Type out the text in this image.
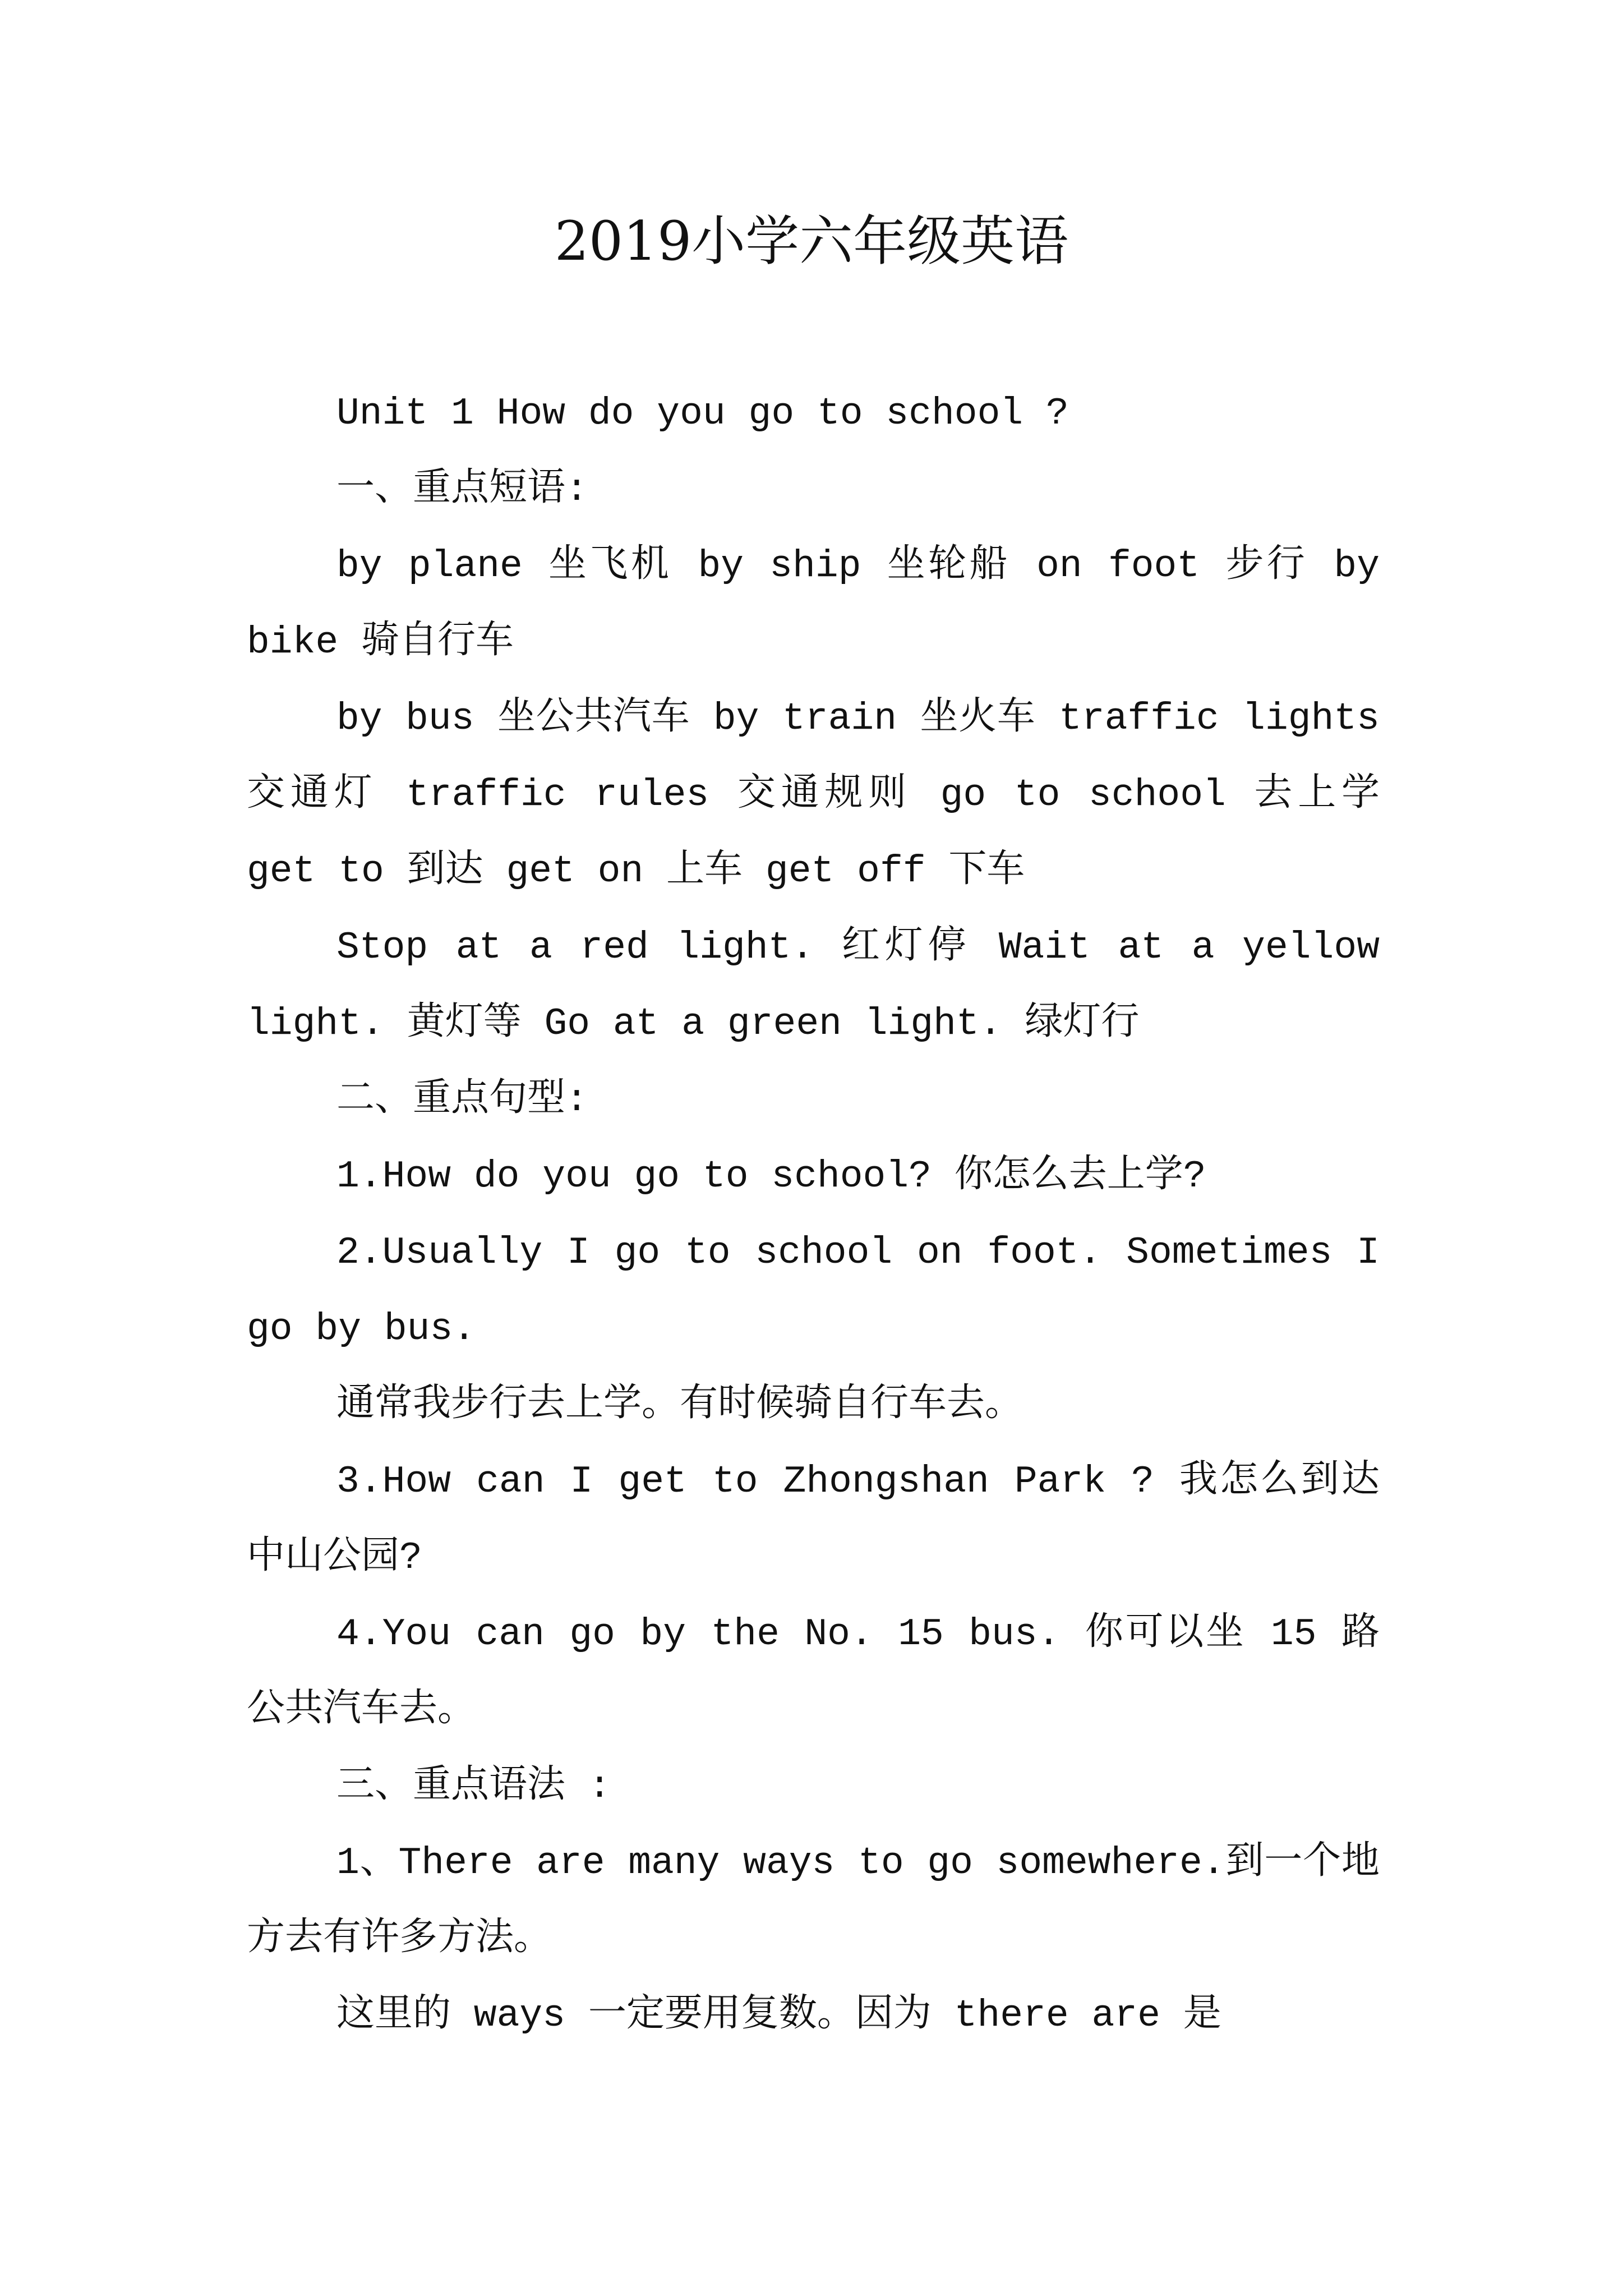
2019小学六年级英语

Unit 1 How do you go to school ?

一、重点短语:

by plane 坐飞机 by ship 坐轮船 on foot 步行 by bike 骑自行车

by bus 坐公共汽车 by train 坐火车 traffic lights 交通灯 traffic rules 交通规则 go to school 去上学 get to 到达 get on 上车 get off 下车

Stop at a red light. 红灯停 Wait at a yellow light. 黄灯等 Go at a green light. 绿灯行

二、重点句型:

1.How do you go to school? 你怎么去上学?

2.Usually I go to school on foot. Sometimes I go by bus.

通常我步行去上学。有时候骑自行车去。

3.How can I get to Zhongshan Park ? 我怎么到达中山公园?

4.You can go by the No. 15 bus. 你可以坐 15 路公共汽车去。

三、重点语法 :

1、There are many ways to go somewhere.到一个地方去有许多方法。

这里的 ways 一定要用复数。因为 there are 是
